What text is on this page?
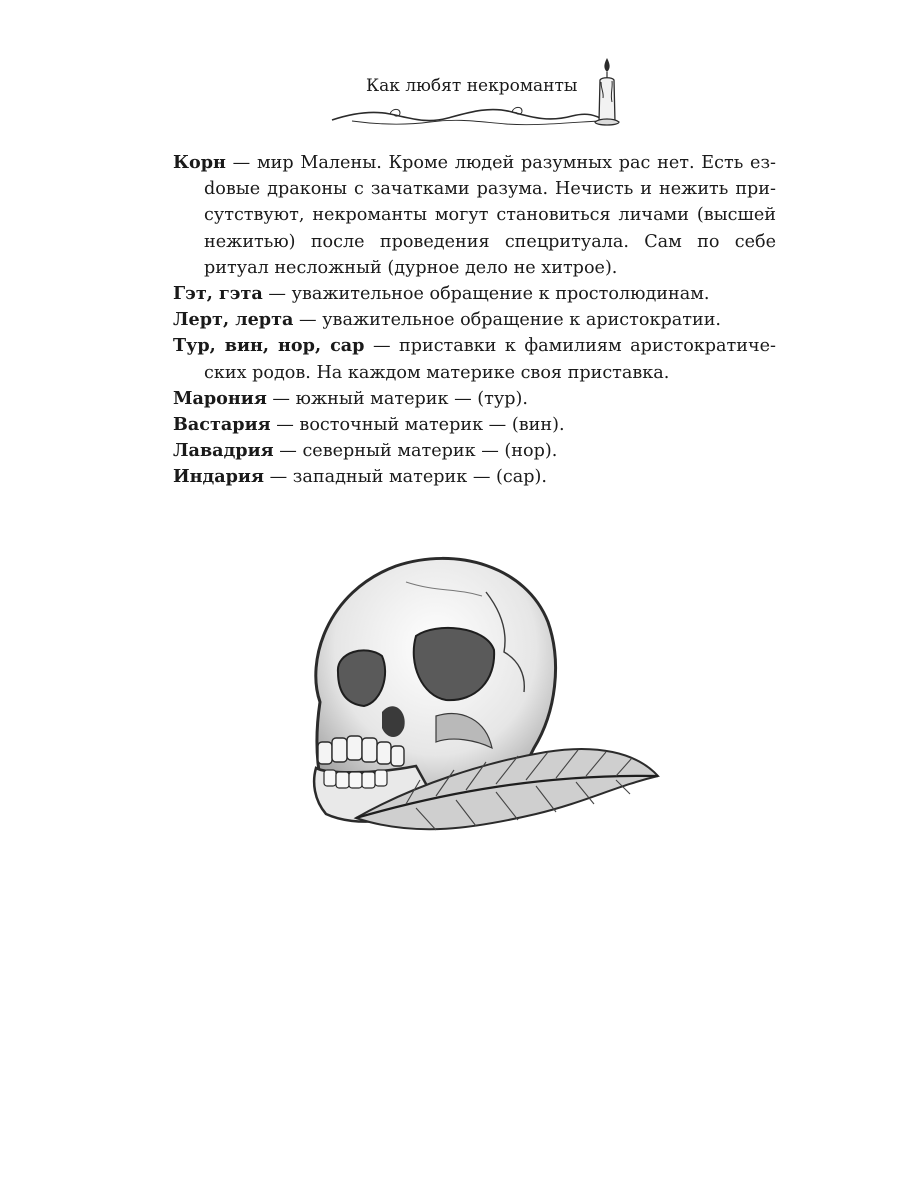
Как любят некроманты

Корн — мир Малены. Кроме людей разумных рас нет. Есть езdовые драконы с зачатками разума. Нечисть и нежить присутствуют, некроманты могут становиться личами (высшей нежитью) после проведения спецритуала. Сам по себе ритуал несложный (дурное дело не хитрое).

Гэт, гэта — уважительное обращение к простолюдинам.

Лерт, лерта — уважительное обращение к аристократии.

Тур, вин, нор, сар — приставки к фамилиям аристократических родов. На каждом материке своя приставка.

Марония — южный материк — (тур).

Вастария — восточный материк — (вин).

Лавадрия — северный материк — (нор).

Индария — западный материк — (сар).
